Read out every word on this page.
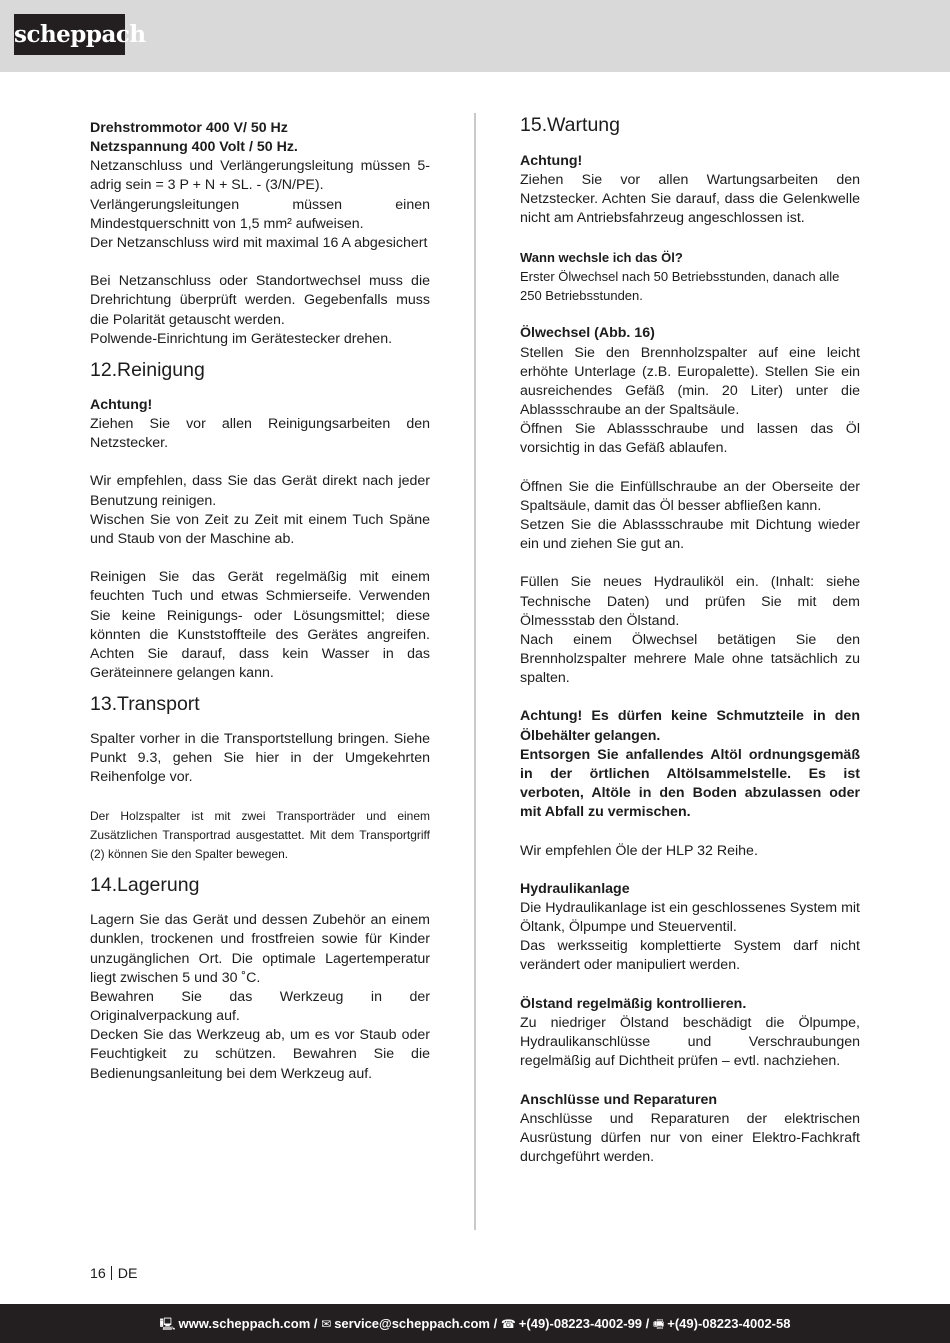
scheppach

Drehstrommotor 400 V/ 50 Hz

Netzspannung 400 Volt / 50 Hz.

Netzanschluss und Verlängerungsleitung müssen 5-adrig sein = 3 P + N + SL. - (3/N/PE).

Verlängerungsleitungen müssen einen Mindestquerschnitt von 1,5 mm² aufweisen.

Der Netzanschluss wird mit maximal 16 A abgesichert

Bei Netzanschluss oder Standortwechsel muss die Drehrichtung überprüft werden. Gegebenfalls muss die Polarität getauscht werden.

Polwende-Einrichtung im Gerätestecker drehen.

12.Reinigung

Achtung!

Ziehen Sie vor allen Reinigungsarbeiten den Netzstecker.

Wir empfehlen, dass Sie das Gerät direkt nach jeder Benutzung reinigen.

Wischen Sie von Zeit zu Zeit mit einem Tuch Späne und Staub von der Maschine ab.

Reinigen Sie das Gerät regelmäßig mit einem feuchten Tuch und etwas Schmierseife. Verwenden Sie keine Reinigungs- oder Lösungsmittel; diese könnten die Kunststoffteile des Gerätes angreifen. Achten Sie darauf, dass kein Wasser in das Geräteinnere gelangen kann.

13.Transport

Spalter vorher in die Transportstellung bringen. Siehe Punkt 9.3, gehen Sie hier in der Umgekehrten Reihenfolge vor.

Der Holzspalter ist mit zwei Transporträder und einem Zusätzlichen Transportrad ausgestattet. Mit dem Transportgriff (2) können Sie den Spalter bewegen.

14.Lagerung

Lagern Sie das Gerät und dessen Zubehör an einem dunklen, trockenen und frostfreien sowie für Kinder unzugänglichen Ort. Die optimale Lagertemperatur liegt zwischen 5 und 30 ˚C.

Bewahren Sie das Werkzeug in der Originalverpackung auf.

Decken Sie das Werkzeug ab, um es vor Staub oder Feuchtigkeit zu schützen. Bewahren Sie die Bedienungsanleitung bei dem Werkzeug auf.

15.Wartung

Achtung!

Ziehen Sie vor allen Wartungsarbeiten den Netzstecker. Achten Sie darauf, dass die Gelenkwelle nicht am Antriebsfahrzeug angeschlossen ist.

Wann wechsle ich das Öl?

Erster Ölwechsel nach 50 Betriebsstunden, danach alle 250 Betriebsstunden.

Ölwechsel (Abb. 16)

Stellen Sie den Brennholzspalter auf eine leicht erhöhte Unterlage (z.B. Europalette). Stellen Sie ein ausreichendes Gefäß (min. 20 Liter) unter die Ablassschraube an der Spaltsäule.

Öffnen Sie Ablassschraube und lassen das Öl vorsichtig in das Gefäß ablaufen.

Öffnen Sie die Einfüllschraube an der Oberseite der Spaltsäule, damit das Öl besser abfließen kann.

Setzen Sie die Ablassschraube mit Dichtung wieder ein und ziehen Sie gut an.

Füllen Sie neues Hydrauliköl ein. (Inhalt: siehe Technische Daten) und prüfen Sie mit dem Ölmessstab den Ölstand.

Nach einem Ölwechsel betätigen Sie den Brennholzspalter mehrere Male ohne tatsächlich zu spalten.

Achtung! Es dürfen keine Schmutzteile in den Ölbehälter gelangen.

Entsorgen Sie anfallendes Altöl ordnungsgemäß in der örtlichen Altölsammelstelle. Es ist verboten, Altöle in den Boden abzulassen oder mit Abfall zu vermischen.

Wir empfehlen Öle der HLP 32 Reihe.

Hydraulikanlage

Die Hydraulikanlage ist ein geschlossenes System mit Öltank, Ölpumpe und Steuerventil.

Das werksseitig komplettierte System darf nicht verändert oder manipuliert werden.

Ölstand regelmäßig kontrollieren.

Zu niedriger Ölstand beschädigt die Ölpumpe, Hydraulikanschlüsse und Verschraubungen regelmäßig auf Dichtheit prüfen – evtl. nachziehen.

Anschlüsse und Reparaturen

Anschlüsse und Reparaturen der elektrischen Ausrüstung dürfen nur von einer Elektro-Fachkraft durchgeführt werden.

16 DE
🖳 www.scheppach.com / ✉ service@scheppach.com / ☎ +(49)-08223-4002-99 / 🖷 +(49)-08223-4002-58
